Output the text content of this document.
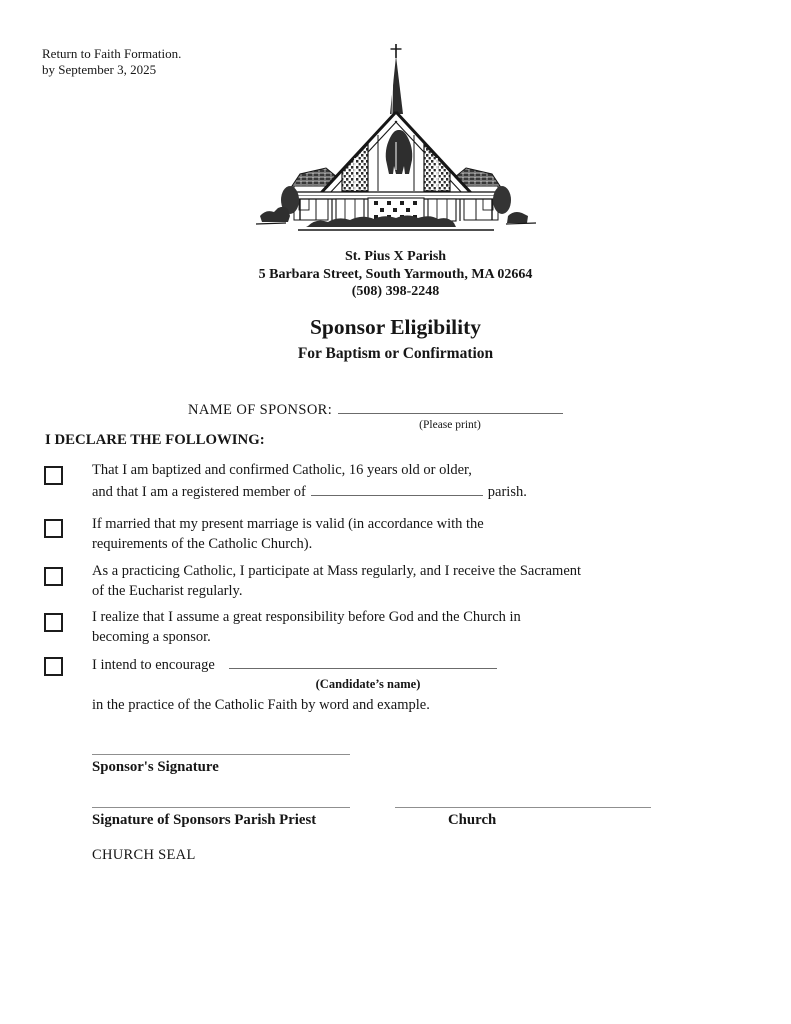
Return to Faith Formation.
by September 3, 2025
St. Pius X Parish
5 Barbara Street, South Yarmouth, MA 02664
(508) 398-2248
Sponsor Eligibility
For Baptism or Confirmation
NAME OF SPONSOR:
(Please print)
I DECLARE THE FOLLOWING:
That I am baptized and confirmed Catholic, 16 years old or older,
and that I am a registered member of	parish.
If married that my present marriage is valid (in accordance with the
requirements of the Catholic Church).
As a practicing Catholic, I participate at Mass regularly, and I receive the Sacrament
of the Eucharist regularly.
I realize that I assume a great responsibility before God and the Church in
becoming a sponsor.
I intend to encourage
(Candidate’s name)
in the practice of the Catholic Faith by word and example.
Sponsor's Signature
Signature of Sponsors Parish Priest	Church
CHURCH SEAL
